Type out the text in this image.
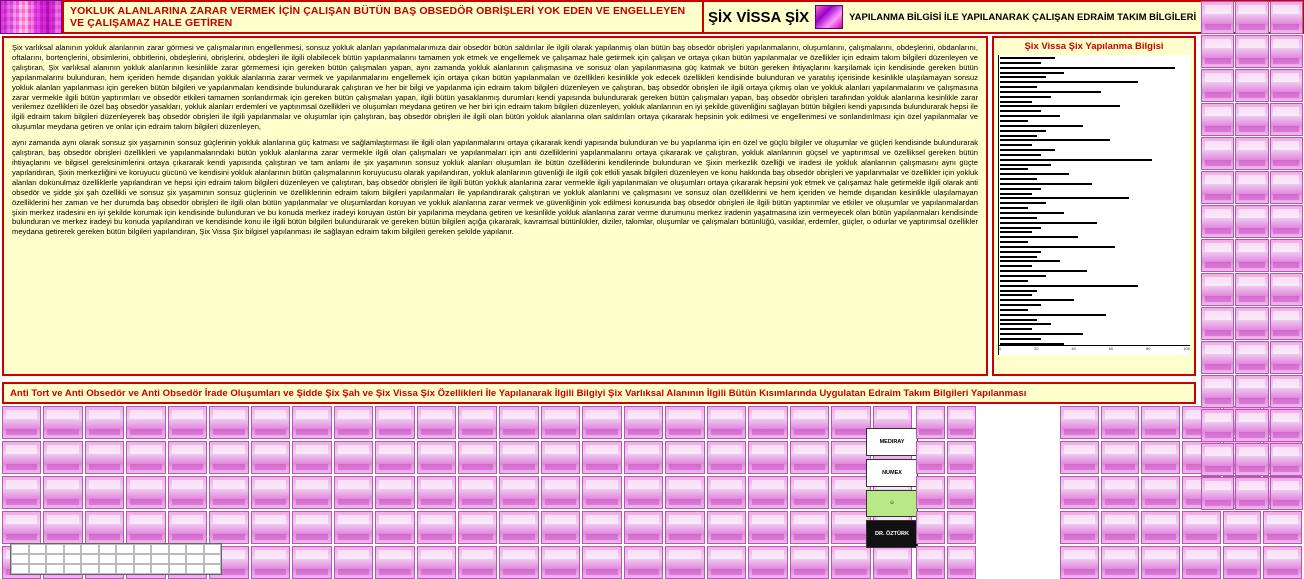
YOKLUK ALANLARINA ZARAR VERMEK İÇİN ÇALIŞAN BÜTÜN BAŞ OBSEDÖR OBRİŞLERİ YOK EDEN VE ENGELLEYEN VE ÇALIŞAMAZ HALE GETİREN	ŞİX VİSSA ŞİX	YAPILANMA BİLGİSİ İLE YAPILANARAK ÇALIŞAN EDRAİM TAKIM BİLGİLERİ

Şix varlıksal alanının yokluk alanlarının zarar görmesi ve çalışmalarının engellenmesi, sonsuz yokluk alanları yapılanmalarımıza dair obsedör bütün saldırılar ile ilgili olarak yapılanmış olan bütün baş obsedör obrişleri yapılanmalarını, oluşumlarını, çalışmalarını, obdeşlerini, obdanlarını, oftalarını, bortençlerini, obsimlerini, obbitlerini, obdeşlerini, obrişlerini, obdeşleri ile ilgili olabilecek bütün yapılanmalarını tamamen yok etmek ve engellemek ve çalışamaz hale getirmek için çalışan ve ortaya çıkan bütün yapılanmalar ve özellikler için edraim takım bilgileri düzenleyen ve çalıştıran, Şix varlıksal alanının yokluk alanlarının kesinlikle zarar görmemesi için gereken bütün çalışmaları yapan, aynı zamanda yokluk alanlarının çalışmasına ve sonsuz olan yapılanmasına güç katmak ve bütün gereken ihtiyaçlarını karşılamak için kendisinde gereken bütün yapılanmalarını bulunduran, hem içeriden hemde dışarıdan yokluk alanlarına zarar vermek ve yapılanmalarını engellemek için ortaya çıkan bütün yapılanmaları ve özellikleri kesinlikle yok edecek özellikleri kendisinde bulunduran ve yaratılış içerisinde kesinlikle ulaşılamayan sonsuz yokluk alanları yapılanması için gereken bütün bilgileri ve yapılanmaları kendisinde bulundurarak çalıştıran ve her bir bilgi ve yapılanma için edraim takım bilgileri düzenleyen ve çalıştıran, baş obsedör obrişleri ile ilgili ortaya çıkmış olan ve yokluk alanları yapılanmalarını ve çalışmasına zarar vermekle ilgili bütün yaptırımları ve obsedör etkileri tamamen sonlandırmak için gereken bütün çalışmaları yapan, ilgili bütün yasaklanmış durumları kendi yapısında bulundurarak gereken bütün çalışmaları yapan, baş obsedör obrişleri tarafından yokluk alanlarına kesinlikle zarar verilemez özellikleri ile özel baş obsedör yasakları, yokluk alanları erdemleri ve yaptırımsal özellikleri ve oluşumları meydana getiren ve her biri için edraim takım bilgileri düzenleyen, yokluk alanlarının en iyi şekilde güvenliğini sağlayan bütün bilgileri kendi yapısında bulundurarak hepsi ile ilgili edraim takım bilgileri düzenleyerek baş obsedör obrişleri ile ilgili yapılanmalar ve oluşumlar için çalıştıran, baş obsedör obrişleri ile ilgili olan bütün yokluk alanlarına olan saldırıları ortaya çıkararak hepsinin yok edilmesi ve engellenmesi ve sonlandırılması için özel yapılanmalar ve oluşumlar meydana getiren ve onlar için edraim takım bilgileri düzenleyen,

aynı zamanda aynı olarak sonsuz şix yaşamının sonsuz güçlerinin yokluk alanlarına güç katması ve sağlamlaştırması ile ilgili olan yapılanmalarını ortaya çıkararak kendi yapısında bulunduran ve bu yapılanma için en özel ve güçlü bilgiler ve oluşumlar ve güçleri kendisinde bulundurarak çalıştıran, baş obsedör obrişleri özellikleri ve yapılanmalarındaki bütün yokluk alanlarına zarar vermekle ilgili olan çalışmaları ve yapılanmaları için anti özelliklerini yapılanmalarını ortaya çıkararak ve çalıştıran, yokluk alanlarının güçsel ve yaptırımsal ve özelliksel gereken bütün ihtiyaçlarını ve bilgisel gereksinimlerini ortaya çıkararak kendi yapısında çalıştıran ve tam anlamı ile şix yaşamının sonsuz yokluk alanları oluşumları ile bütün özelliklerini kendilerinde bulunduran ve Şixin merkezlik özelliği ve iradesi ile yokluk alanlarının çalışmasını aynı güçte yapılandıran, Şixin merkezliğini ve koruyucu gücünü ve kendisini yokluk alanlarının bütün çalışmalarının koruyucusu olarak yapılandıran, yokluk alanlarının güvenliği ile ilgili çok etkili yasak bilgileri düzenleyen ve konu hakkında baş obsedör obrişleri ve yapılanmalar ve özellikler için yokluk alanları dokunulmaz özelliklerle yapılandıran ve hepsi için edraim takım bilgileri düzenleyen ve çalıştıran, baş obsedör obrişleri ile ilgili bütün yokluk alanlarına zarar vermekle ilgili yapılanmaları ve oluşumları ortaya çıkararak hepsini yok etmek ve çalışamaz hale getirmekle ilgili olarak anti obsedör ve şidde şix şah özellikli ve sonsuz şix yaşamının sonsuz güçlerinin ve özelliklerinin edraim takım bilgileri yapılanmaları ile yapılandırarak çalıştıran ve yokluk alanlarını ve çalışmasını ve sonsuz olan özelliklerini ve hem içeriden ve hemde dışarıdan kesinlikle ulaşılamayan özelliklerini her zaman ve her durumda baş obsedör obrişleri ile ilgili olan bütün yapılanmalar ve oluşumlardan koruyan ve yokluk alanlarına zarar vermek ve güvenliğinin yok edilmesi konusunda baş obsedör obrişleri ile ilgili bütün yaptırımlar ve etkiler ve oluşumlar ve yapılanmalardan şixin merkez iradesini en iyi şekilde korumak için kendisinde bulunduran ve bu konuda merkez iradeyi koruyan üstün bir yapılanma meydana getiren ve kesinlikle yokluk alanlarına zarar verme durumunu merkez iradenin yaşatmasına izin vermeyecek olan bütün yapılanmaları kendisinde bulunduran ve merkez iradeyi bu konuda yapılandıran ve kendisinde konu ile ilgili bütün bilgileri bulundurarak ve gereken bütün bilgileri açığa çıkararak, kavramsal bütünlükler, diziler, takımlar, oluşumlar ve çalışmaları bütünlüğü, vasıklar, erdemler, güçler, o odurlar ve yaptırımsal özellikler meydana getirerek gereken bütün bilgileri yapılandıran, Şix Vissa Şix bilgisel yapılanması ile sağlayan edraim takım bilgileri gereken şekilde yapılanır.

Şix Vissa Şix Yapılanma Bilgisi
0	20	40	60	80	100
Anti Tort ve Anti Obsedör ve Anti Obsedör İrade Oluşumları ve Şidde Şix Şah ve Şix Vissa Şix Özellikleri İle Yapılanarak İlgili Bilgiyi Şix Varlıksal Alanının İlgili Bütün Kısımlarında Uygulatan Edraim Takım Bilgileri Yapılanması
MEDIRAY
NUMEX
☺
DR. ÖZTÜRK
